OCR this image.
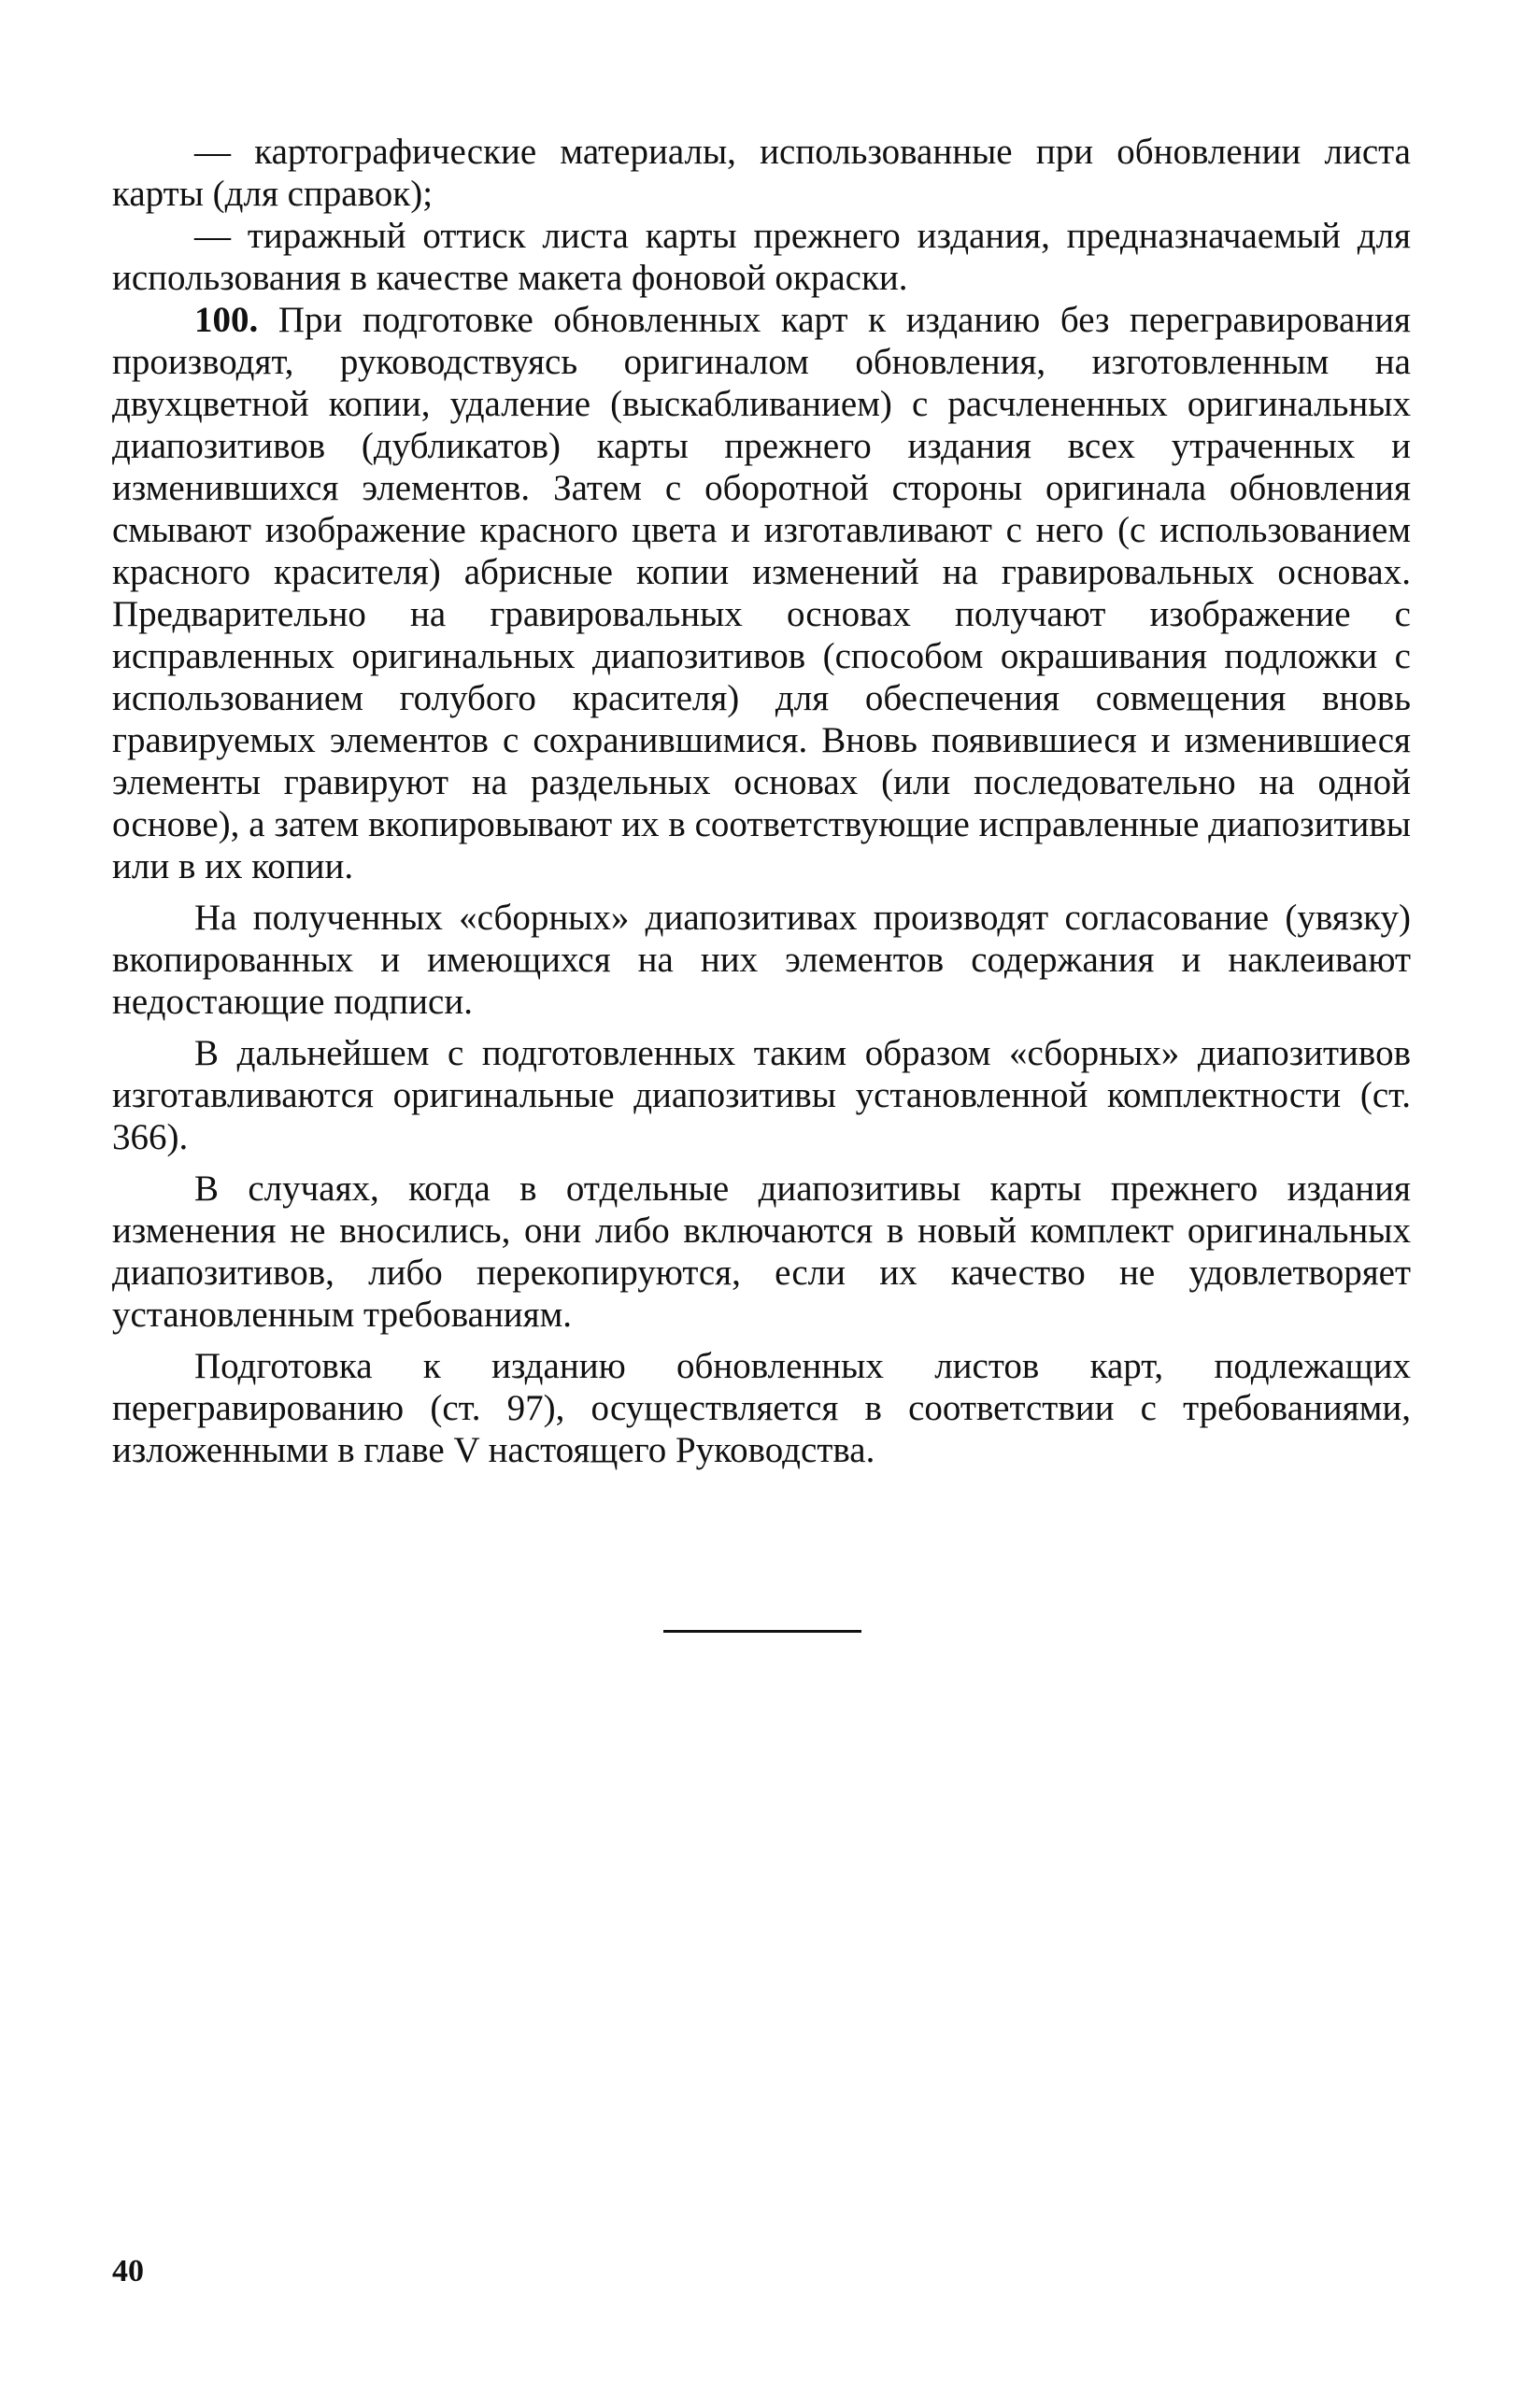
— картографические материалы, использованные при обновлении листа карты (для справок);

— тиражный оттиск листа карты прежнего издания, предназначаемый для использования в качестве макета фоновой окраски.

100. При подготовке обновленных карт к изданию без перегравирования производят, руководствуясь оригиналом обновления, изготовленным на двухцветной копии, удаление (выскабливанием) с расчлененных оригинальных диапозитивов (дубликатов) карты прежнего издания всех утраченных и изменившихся элементов. Затем с оборотной стороны оригинала обновления смывают изображение красного цвета и изготавливают с него (с использованием красного красителя) абрисные копии изменений на гравировальных основах. Предварительно на гравировальных основах получают изображение с исправленных оригинальных диапозитивов (способом окрашивания подложки с использованием голубого красителя) для обеспечения совмещения вновь гравируемых элементов с сохранившимися. Вновь появившиеся и изменившиеся элементы гравируют на раздельных основах (или последовательно на одной основе), а затем вкопировывают их в соответствующие исправленные диапозитивы или в их копии.

На полученных «сборных» диапозитивах производят согласование (увязку) вкопированных и имеющихся на них элементов содержания и наклеивают недостающие подписи.

В дальнейшем с подготовленных таким образом «сборных» диапозитивов изготавливаются оригинальные диапозитивы установленной комплектности (ст. 366).

В случаях, когда в отдельные диапозитивы карты прежнего издания изменения не вносились, они либо включаются в новый комплект оригинальных диапозитивов, либо перекопируются, если их качество не удовлетворяет установленным требованиям.

Подготовка к изданию обновленных листов карт, подлежащих перегравированию (ст. 97), осуществляется в соответствии с требованиями, изложенными в главе V настоящего Руководства.

40
